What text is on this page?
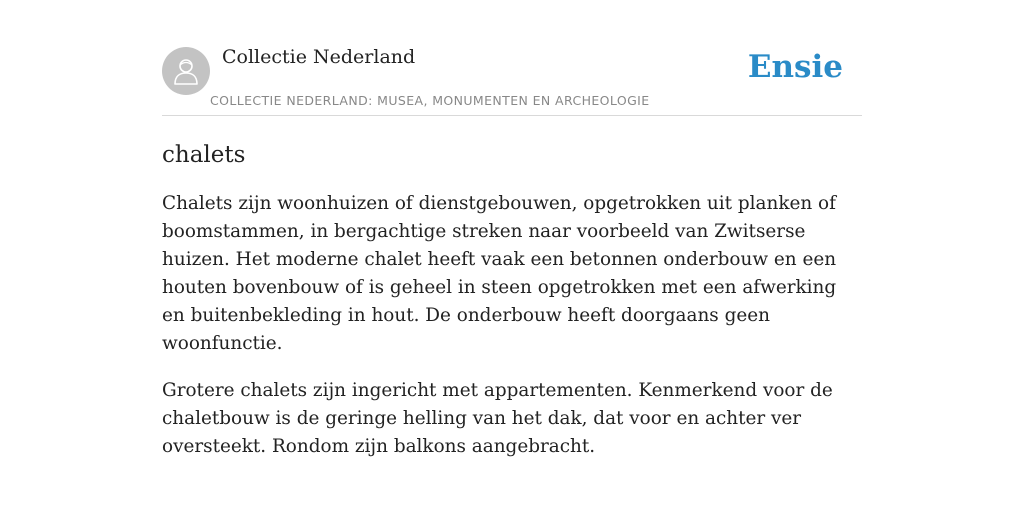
Collectie Nederland
COLLECTIE NEDERLAND: MUSEA, MONUMENTEN EN ARCHEOLOGIE
Ensie
chalets

Chalets zijn woonhuizen of dienstgebouwen, opgetrokken uit planken of boomstammen, in bergachtige streken naar voorbeeld van Zwitserse huizen. Het moderne chalet heeft vaak een betonnen onderbouw en een houten bovenbouw of is geheel in steen opgetrokken met een afwerking en buitenbekleding in hout. De onderbouw heeft doorgaans geen woonfunctie.

Grotere chalets zijn ingericht met appartementen. Kenmerkend voor de chaletbouw is de geringe helling van het dak, dat voor en achter ver oversteekt. Rondom zijn balkons aangebracht.
